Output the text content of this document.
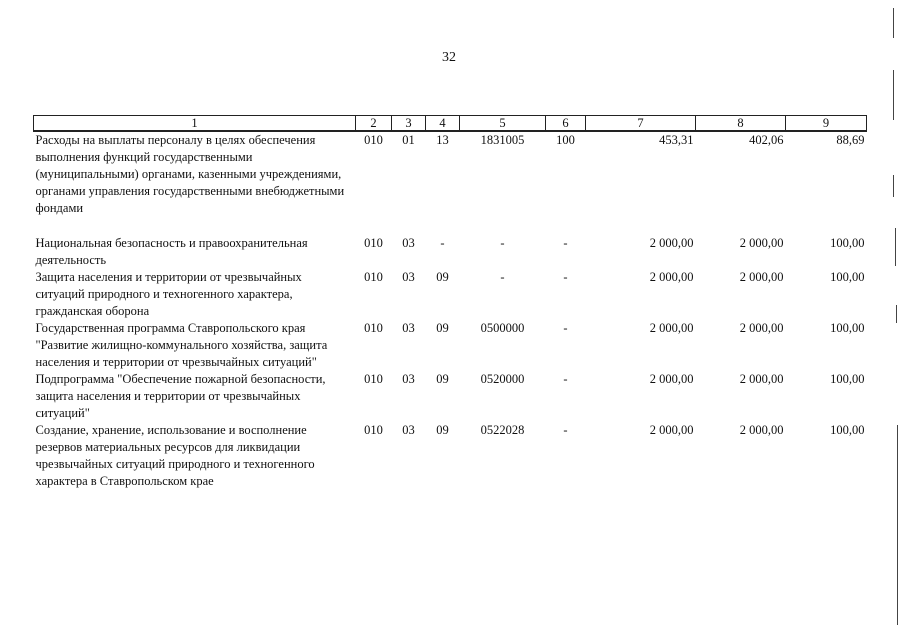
32
1	2	3	4	5	6	7	8	9
Расходы на выплаты персоналу в целях обеспечения выполнения функций государственными (муниципальными) органами, казенными учреждениями, органами управления государственными внебюджетными фондами	010	01	13	1831005	100	453,31	402,06	88,69

Национальная безопасность и правоохранительная деятельность	010	03	-	-	-	2 000,00	2 000,00	100,00
Защита населения и территории от чрезвычайных ситуаций природного и техногенного характера, гражданская оборона	010	03	09	-	-	2 000,00	2 000,00	100,00
Государственная программа Ставропольского края "Развитие жилищно-коммунального хозяйства, защита населения и территории от чрезвычайных ситуаций"	010	03	09	0500000	-	2 000,00	2 000,00	100,00
Подпрограмма "Обеспечение пожарной безопасности, защита населения и территории от чрезвычайных ситуаций"	010	03	09	0520000	-	2 000,00	2 000,00	100,00
Создание, хранение, использование и восполнение резервов материальных ресурсов для ликвидации чрезвычайных ситуаций природного и техногенного характера в Ставропольском крае	010	03	09	0522028	-	2 000,00	2 000,00	100,00
